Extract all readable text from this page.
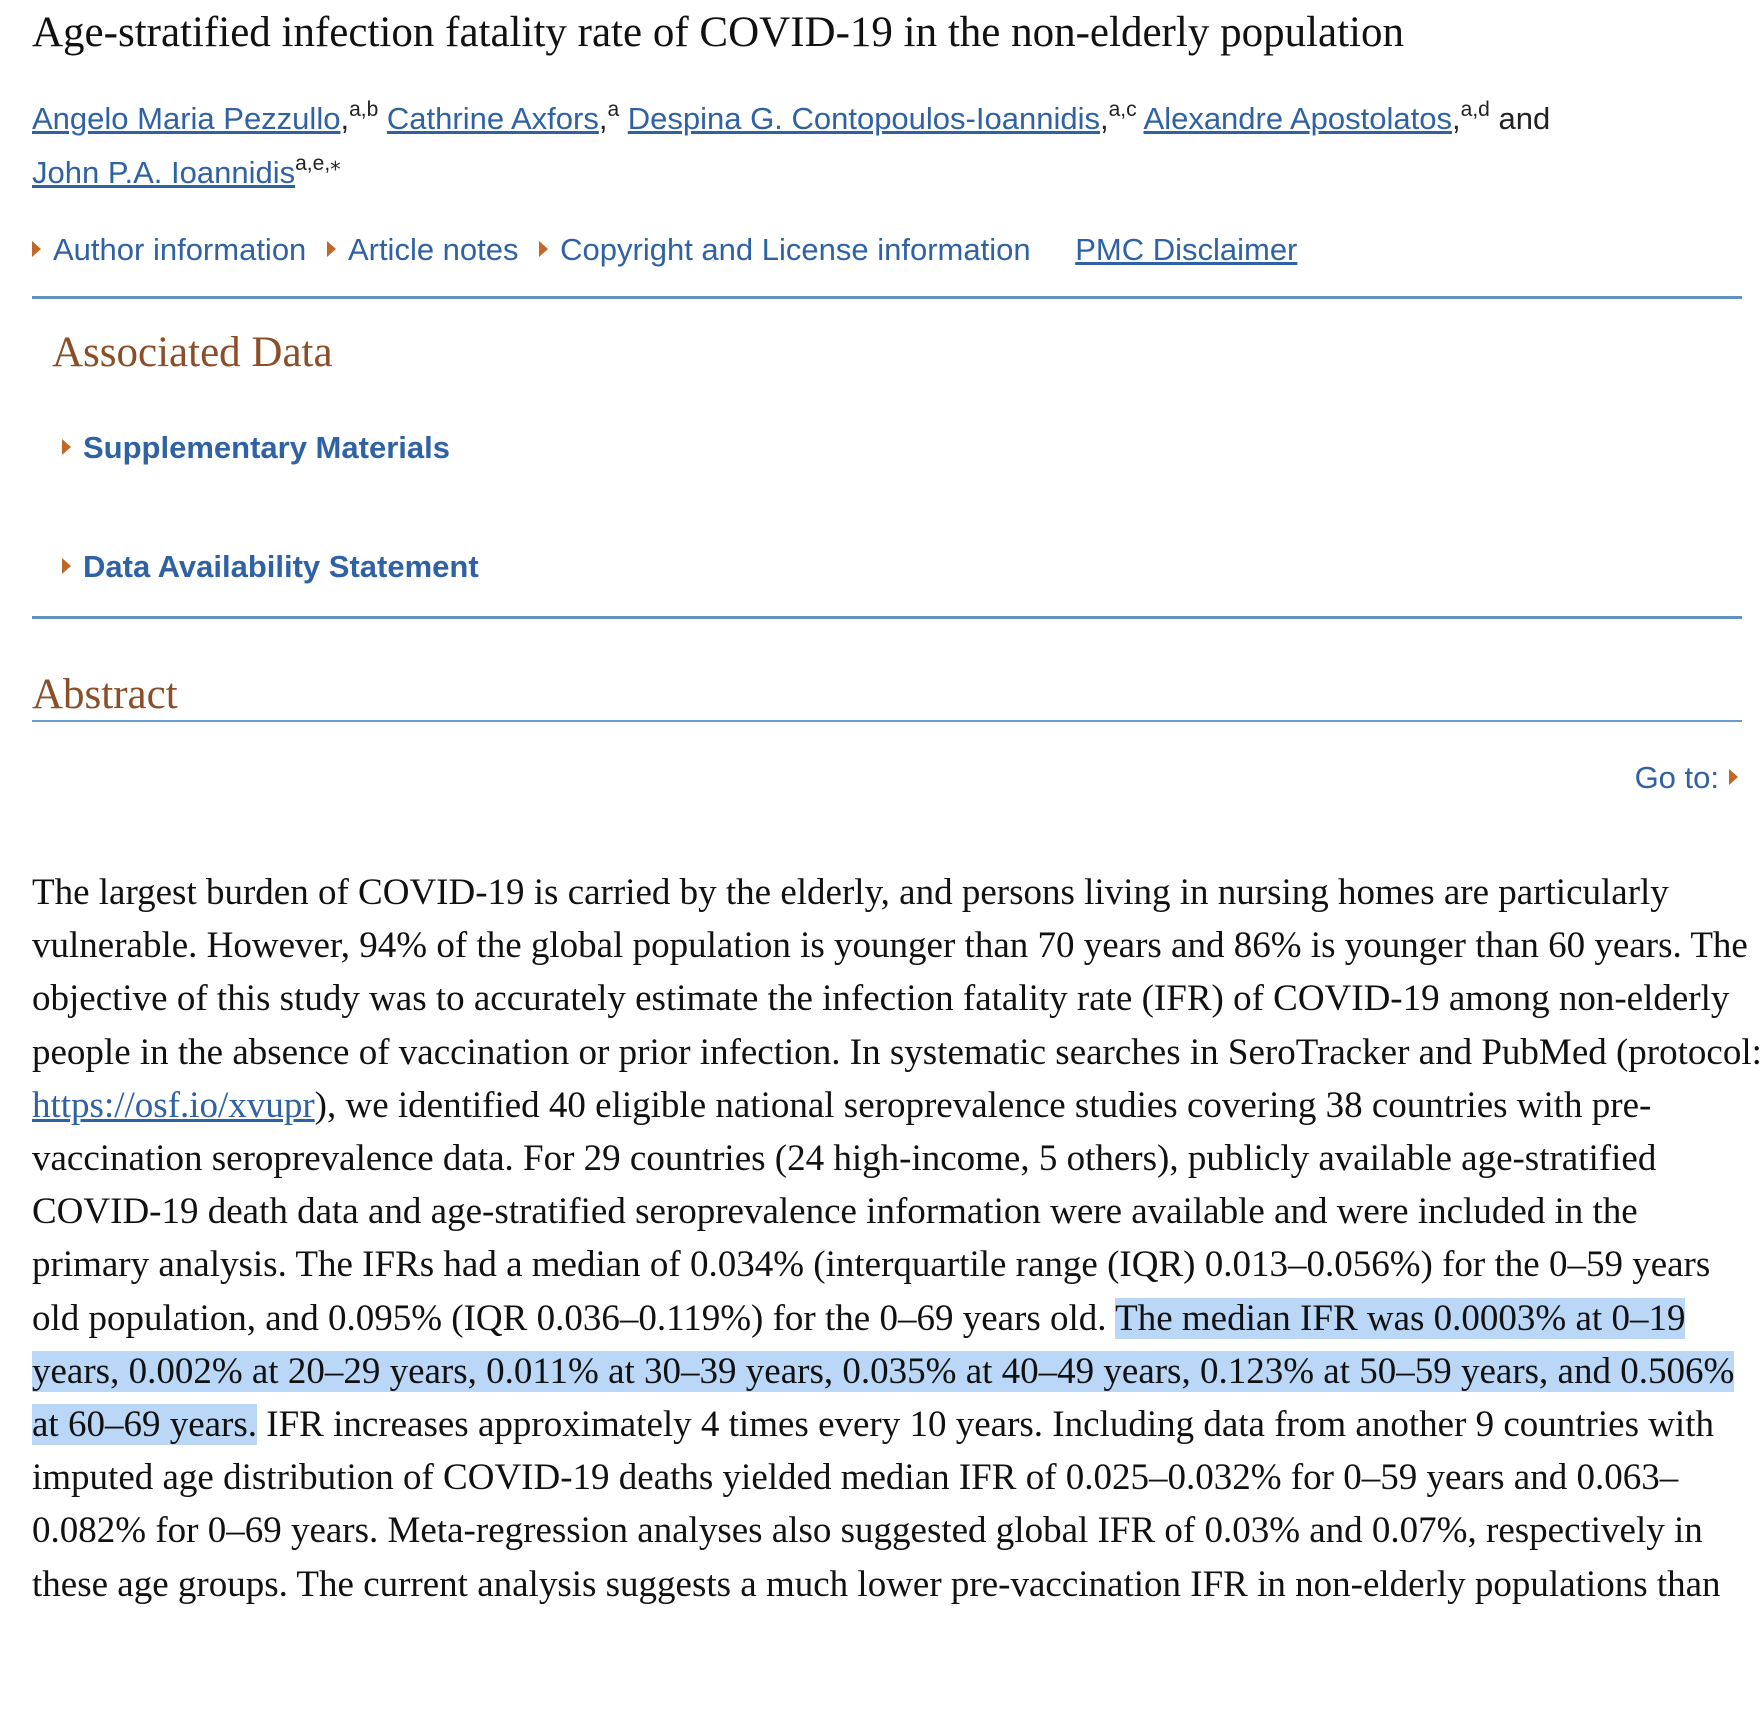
Age-stratified infection fatality rate of COVID-19 in the non-elderly population
Angelo Maria Pezzullo,$^{a,b}$ Cathrine Axfors,$^a$ Despina G. Contopoulos-Ioannidis,$^{a,c}$ Alexandre Apostolatos,$^{a,d}$ and
John P.A. Ioannidis$^{a,e,⁎}$
Author information Article notes Copyright and License information PMC Disclaimer
Associated Data
Supplementary Materials
Data Availability Statement
Abstract
Go to:

The largest burden of COVID-19 is carried by the elderly, and persons living in nursing homes are particularly vulnerable. However, 94% of the global population is younger than 70 years and 86% is younger than 60 years. The objective of this study was to accurately estimate the infection fatality rate (IFR) of COVID-19 among non-elderly people in the absence of vaccination or prior infection. In systematic searches in SeroTracker and PubMed (protocol: https://osf.io/xvupr), we identified 40 eligible national seroprevalence studies covering 38 countries with pre-vaccination seroprevalence data. For 29 countries (24 high-income, 5 others), publicly available age-stratified COVID-19 death data and age-stratified seroprevalence information were available and were included in the primary analysis. The IFRs had a median of 0.034% (interquartile range (IQR) 0.013–0.056%) for the 0–59 years old population, and 0.095% (IQR 0.036–0.119%) for the 0–69 years old. The median IFR was 0.0003% at 0–19 years, 0.002% at 20–29 years, 0.011% at 30–39 years, 0.035% at 40–49 years, 0.123% at 50–59 years, and 0.506% at 60–69 years. IFR increases approximately 4 times every 10 years. Including data from another 9 countries with imputed age distribution of COVID-19 deaths yielded median IFR of 0.025–0.032% for 0–59 years and 0.063–0.082% for 0–69 years. Meta-regression analyses also suggested global IFR of 0.03% and 0.07%, respectively in these age groups. The current analysis suggests a much lower pre-vaccination IFR in non-elderly populations than
